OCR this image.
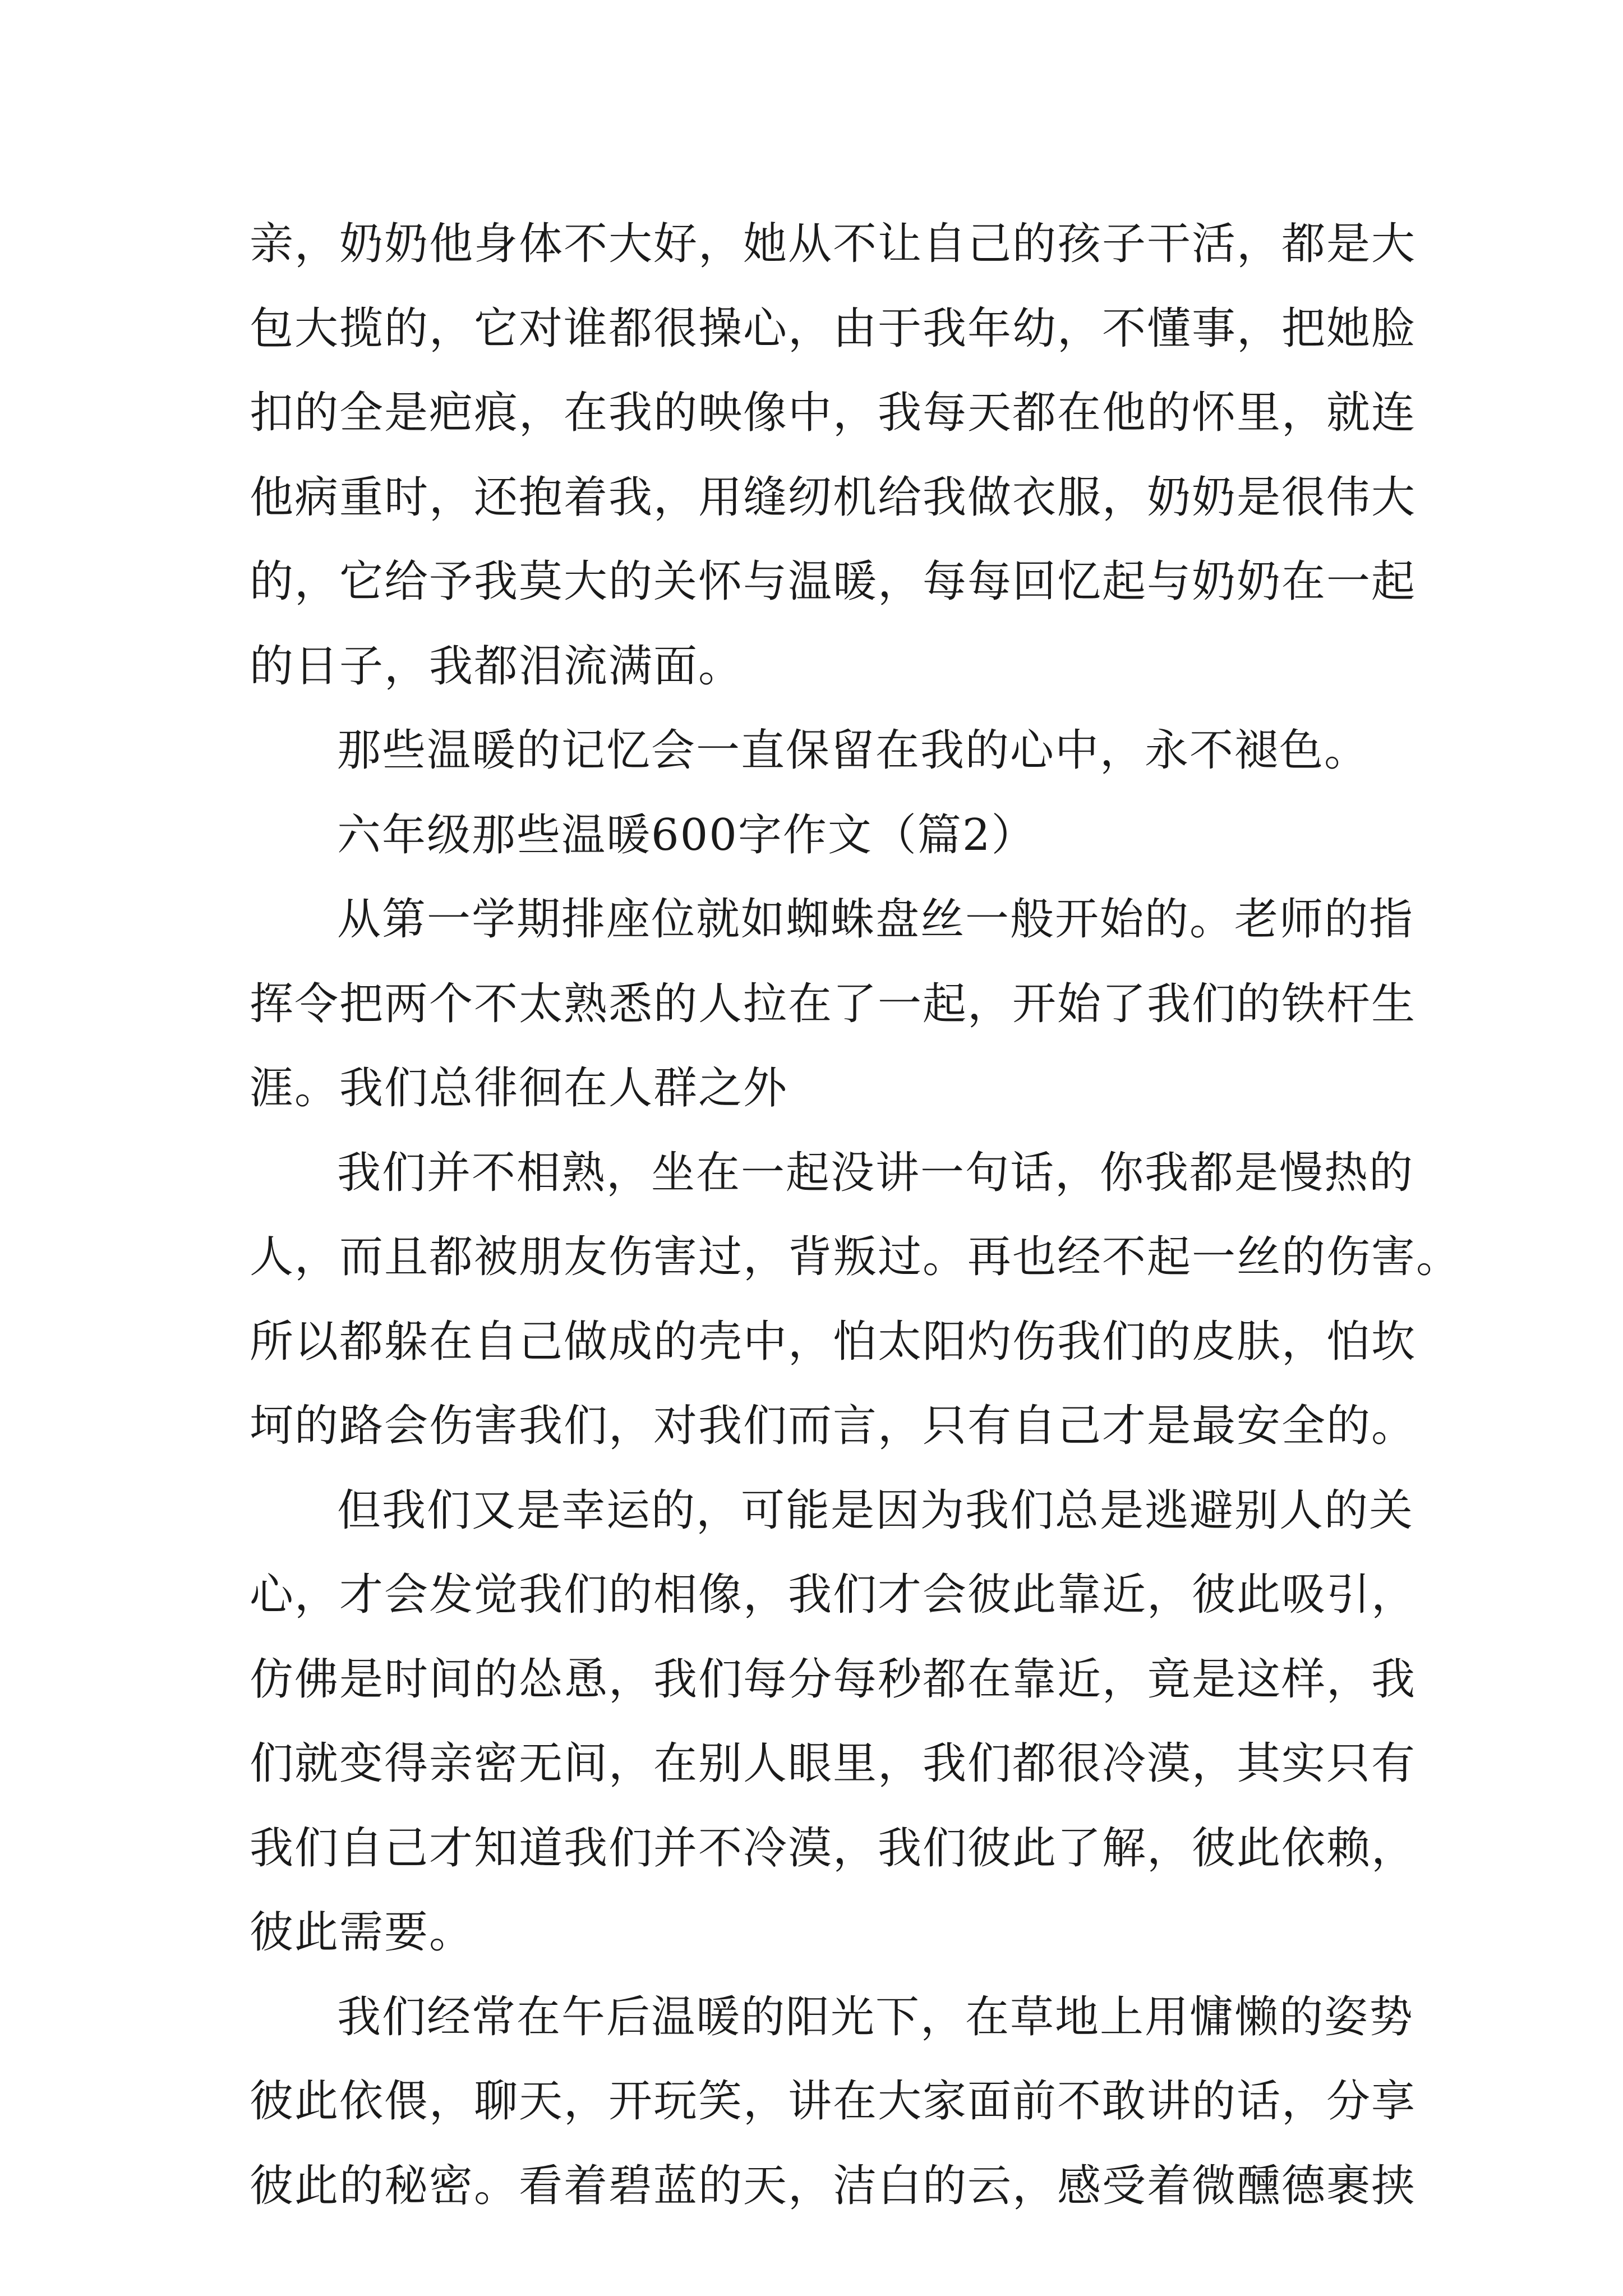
亲，奶奶他身体不大好，她从不让自己的孩子干活，都是大
包大揽的，它对谁都很操心，由于我年幼，不懂事，把她脸
扣的全是疤痕，在我的映像中，我每天都在他的怀里，就连
他病重时，还抱着我，用缝纫机给我做衣服，奶奶是很伟大
的，它给予我莫大的关怀与温暖，每每回忆起与奶奶在一起
的日子，我都泪流满面。
那些温暖的记忆会一直保留在我的心中，永不褪色。
六年级那些温暖600字作文（篇2）
从第一学期排座位就如蜘蛛盘丝一般开始的。老师的指
挥令把两个不太熟悉的人拉在了一起，开始了我们的铁杆生
涯。我们总徘徊在人群之外
我们并不相熟，坐在一起没讲一句话，你我都是慢热的
人，而且都被朋友伤害过，背叛过。再也经不起一丝的伤害。
所以都躲在自己做成的壳中，怕太阳灼伤我们的皮肤，怕坎
坷的路会伤害我们，对我们而言，只有自己才是最安全的。
但我们又是幸运的，可能是因为我们总是逃避别人的关
心，才会发觉我们的相像，我们才会彼此靠近，彼此吸引，
仿佛是时间的怂恿，我们每分每秒都在靠近，竟是这样，我
们就变得亲密无间，在别人眼里，我们都很冷漠，其实只有
我们自己才知道我们并不冷漠，我们彼此了解，彼此依赖，
彼此需要。
我们经常在午后温暖的阳光下，在草地上用慵懒的姿势
彼此依偎，聊天，开玩笑，讲在大家面前不敢讲的话，分享
彼此的秘密。看着碧蓝的天，洁白的云，感受着微醺德裹挟
